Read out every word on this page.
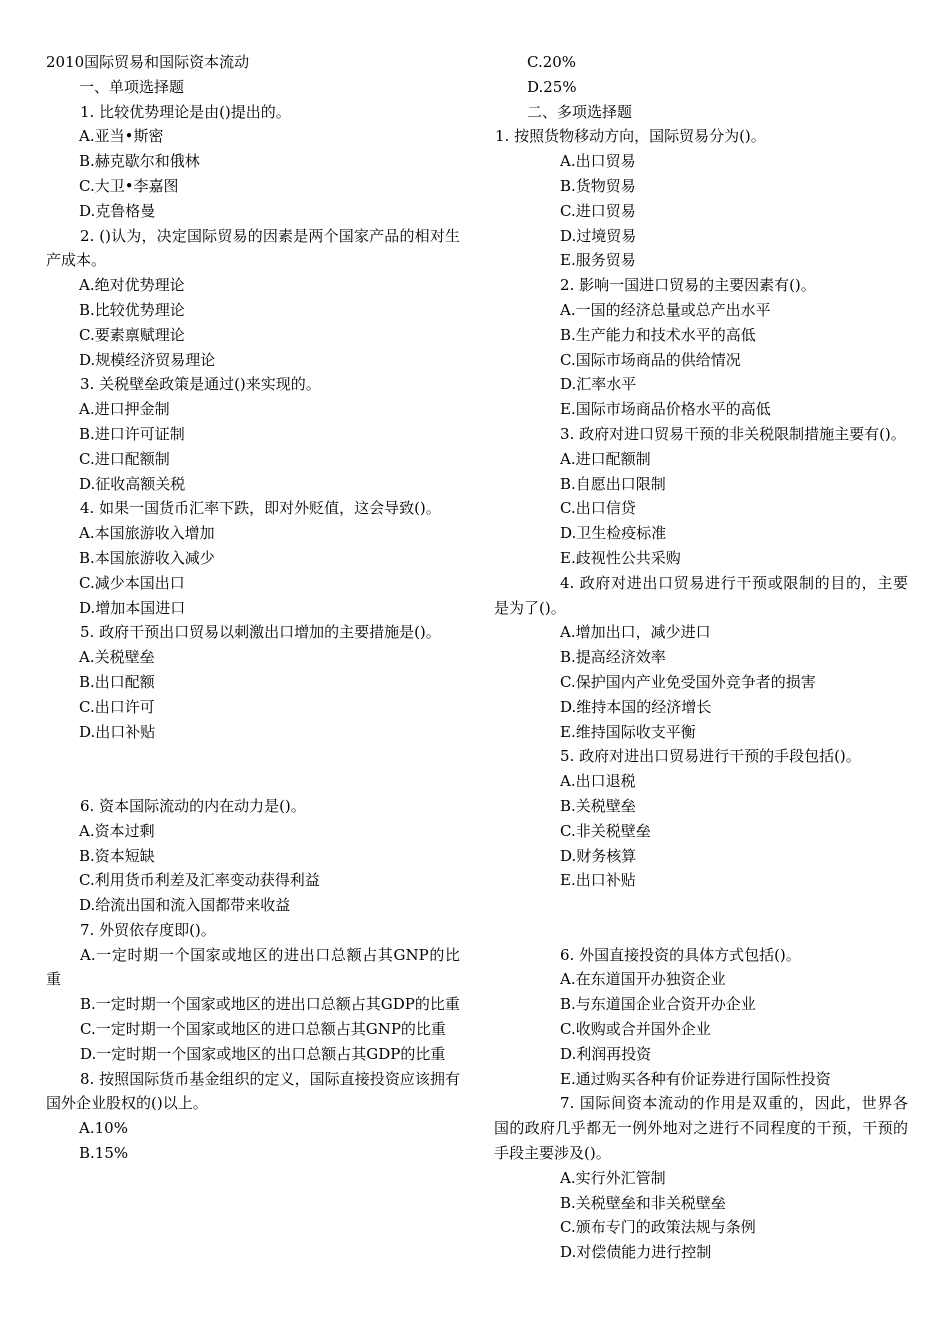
2010国际贸易和国际资本流动
一、单项选择题
1. 比较优势理论是由()提出的。
A.亚当•斯密
B.赫克歇尔和俄林
C.大卫•李嘉图
D.克鲁格曼
2. ()认为，决定国际贸易的因素是两个国家产品的相对生产成本。
A.绝对优势理论
B.比较优势理论
C.要素禀赋理论
D.规模经济贸易理论
3. 关税壁垒政策是通过()来实现的。
A.进口押金制
B.进口许可证制
C.进口配额制
D.征收高额关税
4. 如果一国货币汇率下跌，即对外贬值，这会导致()。
A.本国旅游收入增加
B.本国旅游收入减少
C.减少本国出口
D.增加本国进口
5. 政府干预出口贸易以刺激出口增加的主要措施是()。
A.关税壁垒
B.出口配额
C.出口许可
D.出口补贴
6. 资本国际流动的内在动力是()。
A.资本过剩
B.资本短缺
C.利用货币利差及汇率变动获得利益
D.给流出国和流入国都带来收益
7. 外贸依存度即()。
A.一定时期一个国家或地区的进出口总额占其GNP的比重
B.一定时期一个国家或地区的进出口总额占其GDP的比重
C.一定时期一个国家或地区的进口总额占其GNP的比重
D.一定时期一个国家或地区的出口总额占其GDP的比重
8. 按照国际货币基金组织的定义，国际直接投资应该拥有国外企业股权的()以上。
A.10%
B.15%
C.20%
D.25%
二、多项选择题
1. 按照货物移动方向，国际贸易分为()。
A.出口贸易
B.货物贸易
C.进口贸易
D.过境贸易
E.服务贸易
2. 影响一国进口贸易的主要因素有()。
A.一国的经济总量或总产出水平
B.生产能力和技术水平的高低
C.国际市场商品的供给情况
D.汇率水平
E.国际市场商品价格水平的高低
3. 政府对进口贸易干预的非关税限制措施主要有()。
A.进口配额制
B.自愿出口限制
C.出口信贷
D.卫生检疫标准
E.歧视性公共采购
4. 政府对进出口贸易进行干预或限制的目的，主要是为了()。
A.增加出口，减少进口
B.提高经济效率
C.保护国内产业免受国外竞争者的损害
D.维持本国的经济增长
E.维持国际收支平衡
5. 政府对进出口贸易进行干预的手段包括()。
A.出口退税
B.关税壁垒
C.非关税壁垒
D.财务核算
E.出口补贴
6. 外国直接投资的具体方式包括()。
A.在东道国开办独资企业
B.与东道国企业合资开办企业
C.收购或合并国外企业
D.利润再投资
E.通过购买各种有价证券进行国际性投资
7. 国际间资本流动的作用是双重的，因此，世界各国的政府几乎都无一例外地对之进行不同程度的干预，干预的手段主要涉及()。
A.实行外汇管制
B.关税壁垒和非关税壁垒
C.颁布专门的政策法规与条例
D.对偿债能力进行控制
